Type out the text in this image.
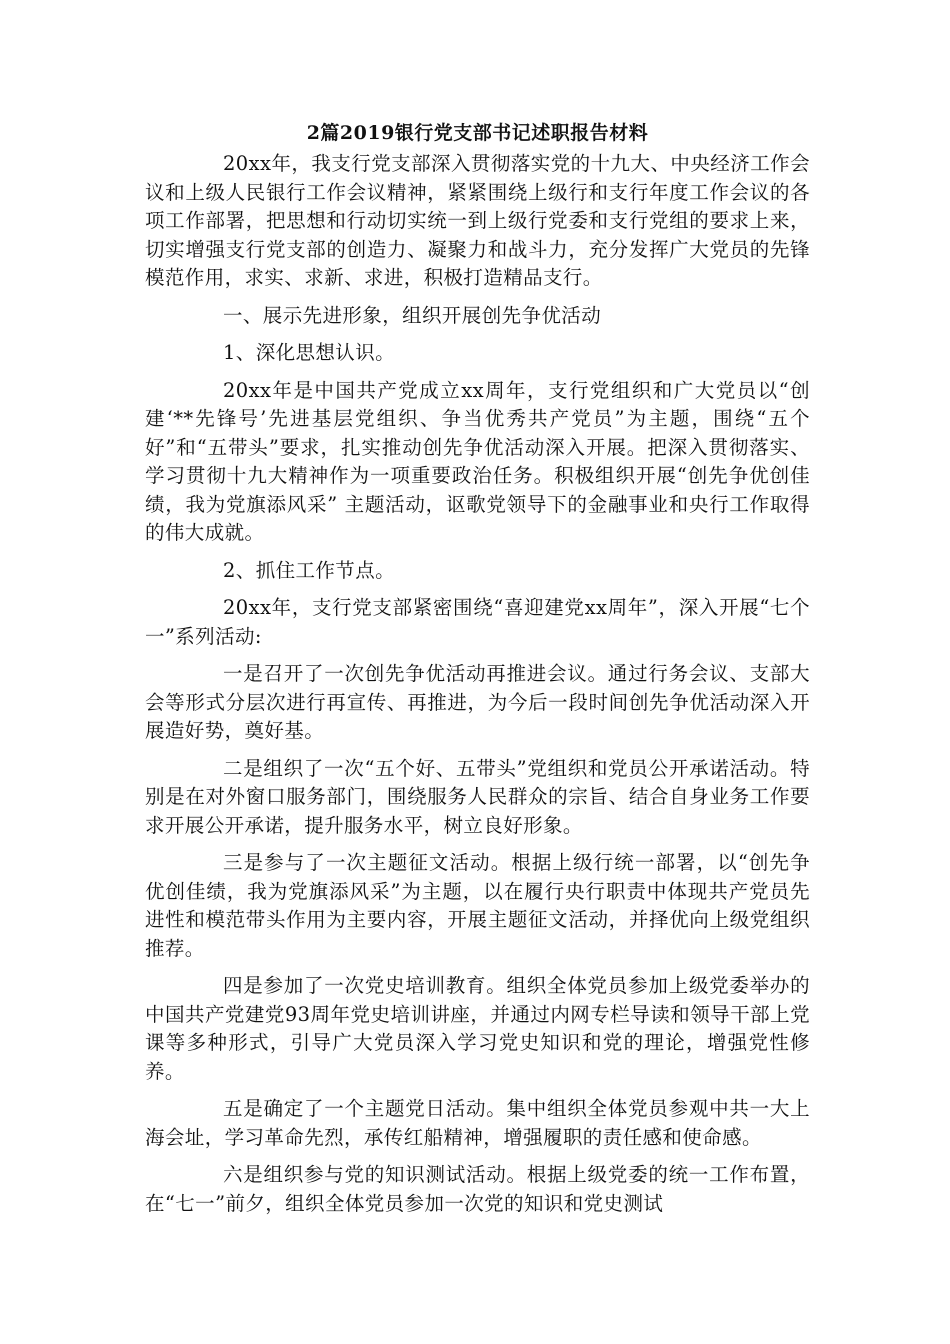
2篇2019银行党支部书记述职报告材料

20xx年，我支行党支部深入贯彻落实党的十九大、中央经济工作会议和上级人民银行工作会议精神，紧紧围绕上级行和支行年度工作会议的各项工作部署，把思想和行动切实统一到上级行党委和支行党组的要求上来，切实增强支行党支部的创造力、凝聚力和战斗力，充分发挥广大党员的先锋模范作用，求实、求新、求进，积极打造精品支行。

一、展示先进形象，组织开展创先争优活动

1、深化思想认识。

20xx年是中国共产党成立xx周年，支行党组织和广大党员以“创建‘**先锋号’先进基层党组织、争当优秀共产党员”为主题，围绕“五个好”和“五带头”要求，扎实推动创先争优活动深入开展。把深入贯彻落实、学习贯彻十九大精神作为一项重要政治任务。积极组织开展“创先争优创佳绩，我为党旗添风采” 主题活动，讴歌党领导下的金融事业和央行工作取得的伟大成就。

2、抓住工作节点。

20xx年，支行党支部紧密围绕“喜迎建党xx周年”，深入开展“七个一”系列活动:

一是召开了一次创先争优活动再推进会议。通过行务会议、支部大会等形式分层次进行再宣传、再推进，为今后一段时间创先争优活动深入开展造好势，奠好基。

二是组织了一次“五个好、五带头”党组织和党员公开承诺活动。特别是在对外窗口服务部门，围绕服务人民群众的宗旨、结合自身业务工作要求开展公开承诺，提升服务水平，树立良好形象。

三是参与了一次主题征文活动。根据上级行统一部署，以“创先争优创佳绩，我为党旗添风采”为主题，以在履行央行职责中体现共产党员先进性和模范带头作用为主要内容，开展主题征文活动，并择优向上级党组织推荐。

四是参加了一次党史培训教育。组织全体党员参加上级党委举办的中国共产党建党93周年党史培训讲座，并通过内网专栏导读和领导干部上党课等多种形式，引导广大党员深入学习党史知识和党的理论，增强党性修养。

五是确定了一个主题党日活动。集中组织全体党员参观中共一大上海会址，学习革命先烈，承传红船精神，增强履职的责任感和使命感。

六是组织参与党的知识测试活动。根据上级党委的统一工作布置，在“七一”前夕，组织全体党员参加一次党的知识和党史测试
